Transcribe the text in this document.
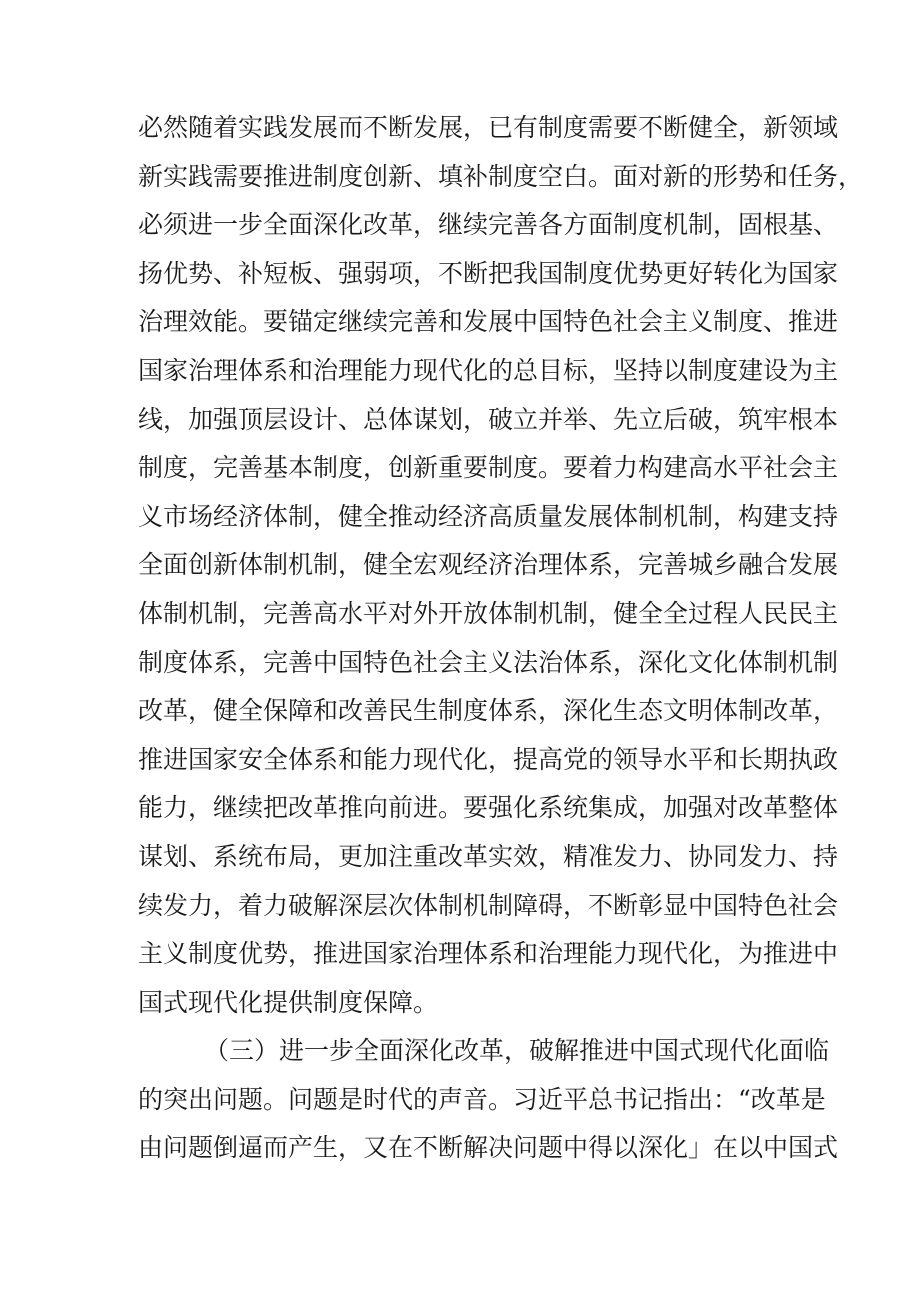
必然随着实践发展而不断发展，已有制度需要不断健全，新领域
新实践需要推进制度创新、填补制度空白。面对新的形势和任务，
必须进一步全面深化改革，继续完善各方面制度机制，固根基、
扬优势、补短板、强弱项，不断把我国制度优势更好转化为国家
治理效能。要锚定继续完善和发展中国特色社会主义制度、推进
国家治理体系和治理能力现代化的总目标，坚持以制度建设为主
线，加强顶层设计、总体谋划，破立并举、先立后破，筑牢根本
制度，完善基本制度，创新重要制度。要着力构建高水平社会主
义市场经济体制，健全推动经济高质量发展体制机制，构建支持
全面创新体制机制，健全宏观经济治理体系，完善城乡融合发展
体制机制，完善高水平对外开放体制机制，健全全过程人民民主
制度体系，完善中国特色社会主义法治体系，深化文化体制机制
改革，健全保障和改善民生制度体系，深化生态文明体制改革，
推进国家安全体系和能力现代化，提高党的领导水平和长期执政
能力，继续把改革推向前进。要强化系统集成，加强对改革整体
谋划、系统布局，更加注重改革实效，精准发力、协同发力、持
续发力，着力破解深层次体制机制障碍，不断彰显中国特色社会
主义制度优势，推进国家治理体系和治理能力现代化，为推进中
国式现代化提供制度保障。
（三）进一步全面深化改革，破解推进中国式现代化面临
的突出问题。问题是时代的声音。习近平总书记指出：“改革是
由问题倒逼而产生，又在不断解决问题中得以深化」在以中国式
